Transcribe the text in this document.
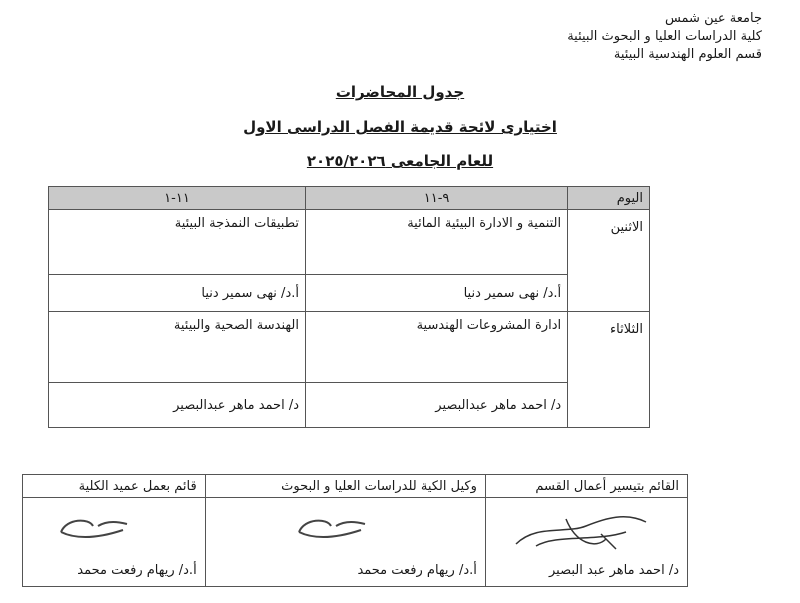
جامعة عين شمس
كلية الدراسات العليا و البحوث البيئية
قسم العلوم الهندسية البيئية
جدول المحاضرات
اختيارى لائحة قديمة الفصل الدراسى الاول
للعام الجامعى ٢٠٢٥/٢٠٢٦
اليوم	٩-١١	١١-١
الاثنين	التنمية و الادارة البيئية المائية	تطبيقات النمذجة البيئية
	أ.د/ نهى سمير دنيا	أ.د/ نهى سمير دنيا
الثلاثاء	ادارة المشروعات الهندسية	الهندسة الصحية والبيئية
	د/ احمد ماهر عبدالبصير	د/ احمد ماهر عبدالبصير
القائم بتيسير أعمال القسم	وكيل الكية للدراسات العليا و البحوث	قائم بعمل عميد الكلية

د/ احمد ماهر عبد البصير	أ.د/ ريهام رفعت محمد	أ.د/ ريهام رفعت محمد
